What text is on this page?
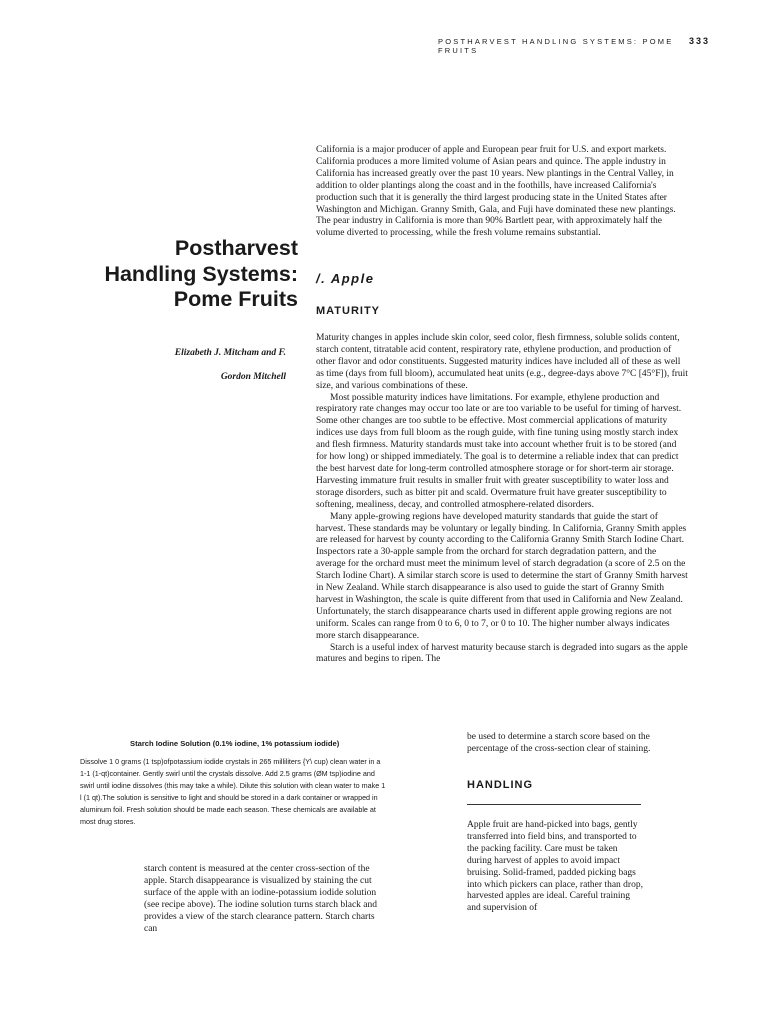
POSTHARVEST HANDLING SYSTEMS: POME FRUITS
333
Postharvest
Handling Systems:
Pome Fruits
Elizabeth J. Mitcham and F.
Gordon Mitchell

California is a major producer of apple and European pear fruit for U.S. and export markets. California produces a more limited volume of Asian pears and quince. The apple industry in California has increased greatly over the past 10 years. New plantings in the Central Valley, in addition to older plantings along the coast and in the foothills, have increased California's production such that it is generally the third largest producing state in the United States after Washington and Michigan. Granny Smith, Gala, and Fuji have dominated these new plantings. The pear industry in California is more than 90% Bartlett pear, with approximately half the volume diverted to processing, while the fresh volume remains substantial.

/. Apple
MATURITY

Maturity changes in apples include skin color, seed color, flesh firmness, soluble solids content, starch content, titratable acid content, respiratory rate, ethylene production, and production of other flavor and odor constituents. Suggested maturity indices have included all of these as well as time (days from full bloom), accumulated heat units (e.g., degree-days above 7°C [45°F]), fruit size, and various combinations of these.

Most possible maturity indices have limitations. For example, ethylene production and respiratory rate changes may occur too late or are too variable to be useful for timing of harvest. Some other changes are too subtle to be effective. Most commercial applications of maturity indices use days from full bloom as the rough guide, with fine tuning using mostly starch index and flesh firmness. Maturity standards must take into account whether fruit is to be stored (and for how long) or shipped immediately. The goal is to determine a reliable index that can predict the best harvest date for long-term controlled atmosphere storage or for short-term air storage. Harvesting immature fruit results in smaller fruit with greater susceptibility to water loss and storage disorders, such as bitter pit and scald. Overmature fruit have greater susceptibility to softening, mealiness, decay, and controlled atmosphere-related disorders.

Many apple-growing regions have developed maturity standards that guide the start of harvest. These standards may be voluntary or legally binding. In California, Granny Smith apples are released for harvest by county according to the California Granny Smith Starch Iodine Chart. Inspectors rate a 30-apple sample from the orchard for starch degradation pattern, and the average for the orchard must meet the minimum level of starch degradation (a score of 2.5 on the Starch Iodine Chart). A similar starch score is used to determine the start of Granny Smith harvest in New Zealand. While starch disappearance is also used to guide the start of Granny Smith harvest in Washington, the scale is quite different from that used in California and New Zealand. Unfortunately, the starch disappearance charts used in different apple growing regions are not uniform. Scales can range from 0 to 6, 0 to 7, or 0 to 10. The higher number always indicates more starch disappearance.

Starch is a useful index of harvest maturity because starch is degraded into sugars as the apple matures and begins to ripen. The

Starch Iodine Solution (0.1% iodine, 1% potassium iodide)

Dissolve 1 0 grams (1 tsp)ofpotassium iodide crystals in 265 milliliters {Y\ cup) clean water in a 1-1 (1-qt)container. Gently swirl until the crystals dissolve. Add 2.5 grams (ØM tsp)iodine and swirl until iodine dissolves (this may take a while). Dilute this solution with clean water to make 1 l (1 qt).The solution is sensitive to light and should be stored in a dark container or wrapped in aluminum foil. Fresh solution should be made each season. These chemicals are available at most drug stores.

be used to determine a starch score based on the percentage of the cross-section clear of staining.

starch content is measured at the center cross-section of the apple. Starch disappearance is visualized by staining the cut surface of the apple with an iodine-potassium iodide solution (see recipe above). The iodine solution turns starch black and provides a view of the starch clearance pattern. Starch charts can

HANDLING

Apple fruit are hand-picked into bags, gently transferred into field bins, and transported to the packing facility. Care must be taken during harvest of apples to avoid impact bruising. Solid-framed, padded picking bags into which pickers can place, rather than drop, harvested apples are ideal. Careful training and supervision of
